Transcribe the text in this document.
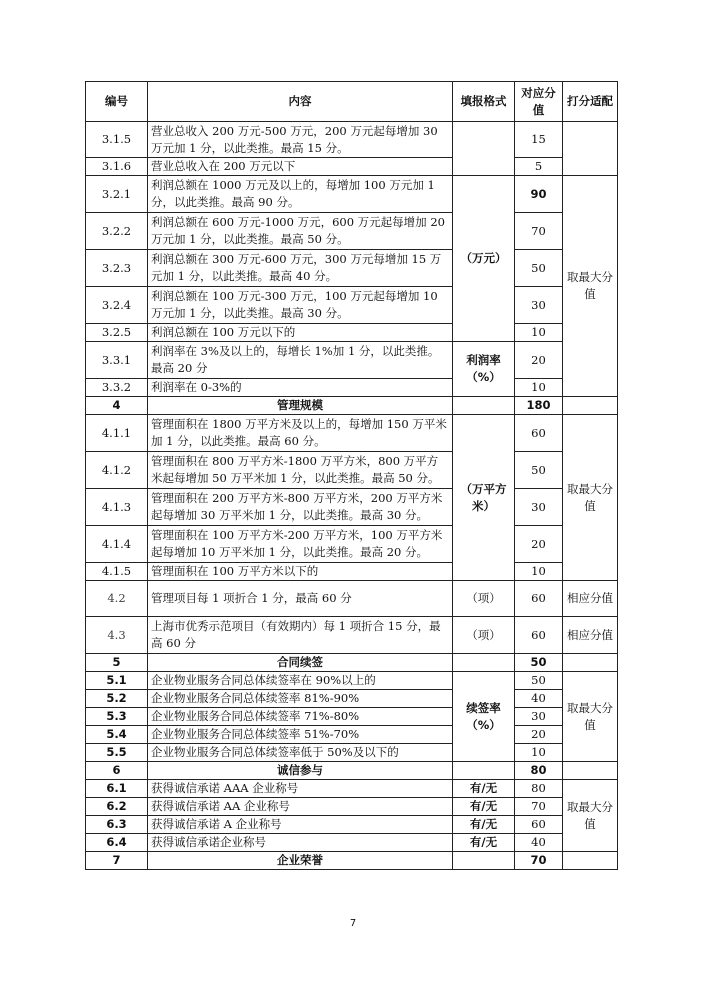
编号	内容	填报格式	对应分值	打分适配
3.1.5	营业总收入 200 万元-500 万元，200 万元起每增加 30 万元加 1 分，以此类推。最高 15 分。		15	
3.1.6	营业总收入在 200 万元以下		5	
3.2.1	利润总额在 1000 万元及以上的，每增加 100 万元加 1 分，以此类推。最高 90 分。	（万元）	90	取最大分值
3.2.2	利润总额在 600 万元-1000 万元，600 万元起每增加 20 万元加 1 分，以此类推。最高 50 分。		70	
3.2.3	利润总额在 300 万元-600 万元，300 万元每增加 15 万元加 1 分，以此类推。最高 40 分。		50	
3.2.4	利润总额在 100 万元-300 万元，100 万元起每增加 10 万元加 1 分，以此类推。最高 30 分。		30	
3.2.5	利润总额在 100 万元以下的		10	
3.3.1	利润率在 3%及以上的，每增长 1%加 1 分，以此类推。最高 20 分	利润率（%）	20	
3.3.2	利润率在 0-3%的		10	
4	管理规模		180	
4.1.1	管理面积在 1800 万平方米及以上的，每增加 150 万平米加 1 分，以此类推。最高 60 分。	（万平方米）	60	取最大分值
4.1.2	管理面积在 800 万平方米-1800 万平方米，800 万平方米起每增加 50 万平米加 1 分，以此类推。最高 50 分。		50	
4.1.3	管理面积在 200 万平方米-800 万平方米，200 万平方米起每增加 30 万平米加 1 分，以此类推。最高 30 分。		30	
4.1.4	管理面积在 100 万平方米-200 万平方米，100 万平方米起每增加 10 万平米加 1 分，以此类推。最高 20 分。		20	
4.1.5	管理面积在 100 万平方米以下的		10	
4.2	管理项目每 1 项折合 1 分，最高 60 分	（项）	60	相应分值
4.3	上海市优秀示范项目（有效期内）每 1 项折合 15 分，最高 60 分	（项）	60	相应分值
5	合同续签		50	
5.1	企业物业服务合同总体续签率在 90%以上的	续签率（%）	50	取最大分值
5.2	企业物业服务合同总体续签率 81%-90%		40	
5.3	企业物业服务合同总体续签率 71%-80%		30	
5.4	企业物业服务合同总体续签率 51%-70%		20	
5.5	企业物业服务合同总体续签率低于 50%及以下的		10	
6	诚信参与		80	
6.1	获得诚信承诺 AAA 企业称号	有/无	80	取最大分值
6.2	获得诚信承诺 AA 企业称号	有/无	70	
6.3	获得诚信承诺 A 企业称号	有/无	60	
6.4	获得诚信承诺企业称号	有/无	40	
7	企业荣誉		70	
7
